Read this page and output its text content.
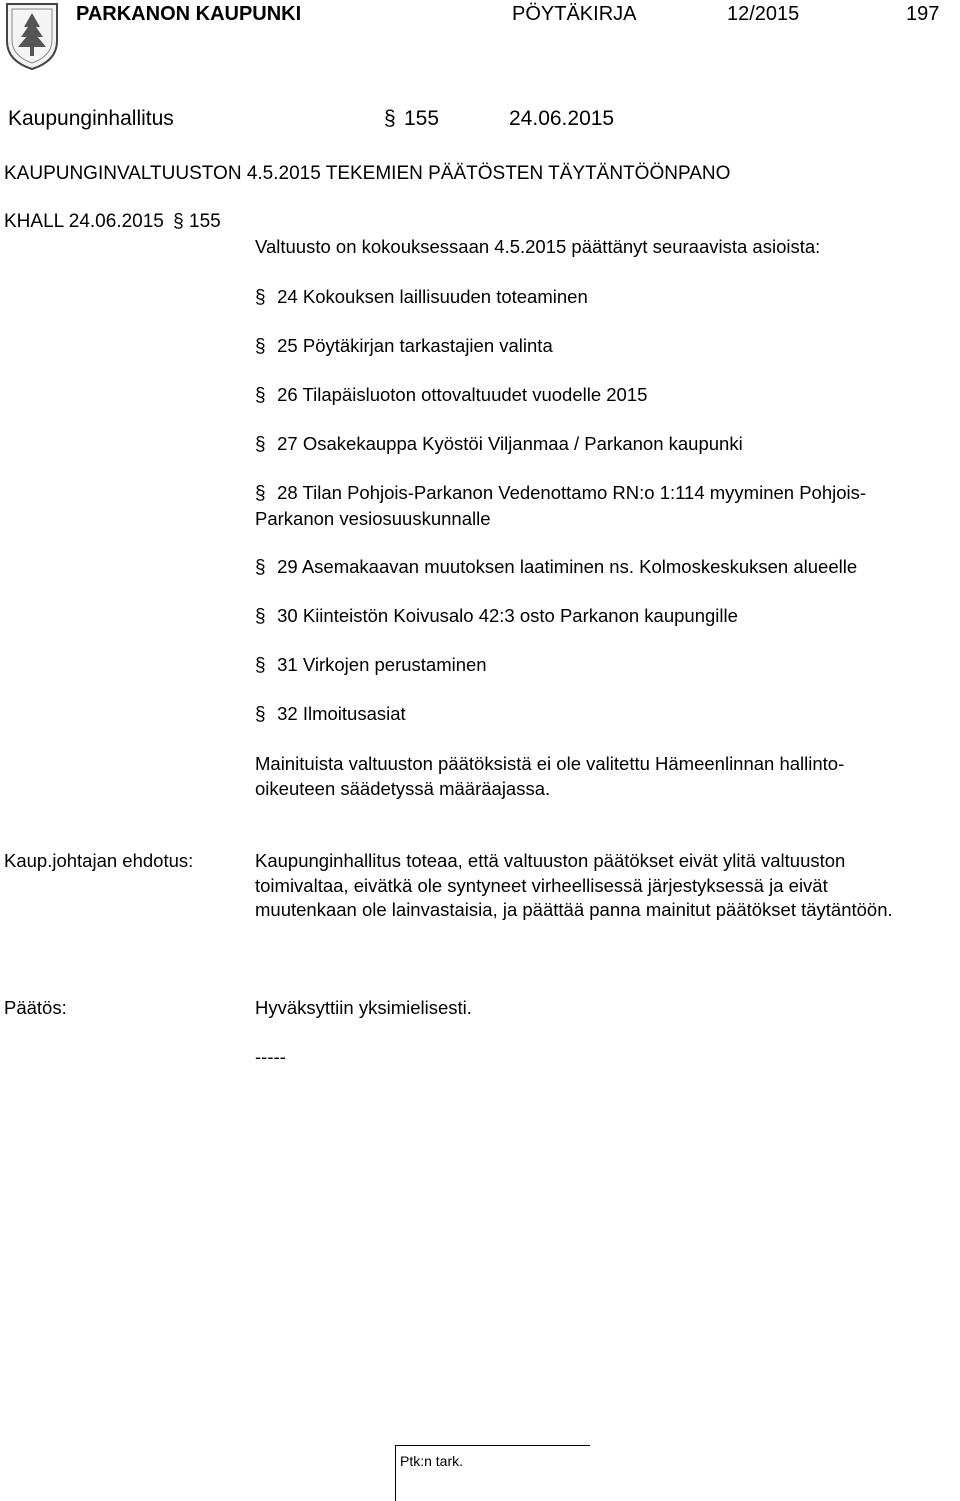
PARKANON KAUPUNKI	PÖYTÄKIRJA	12/2015	197
Kaupunginhallitus	§ 155	24.06.2015
KAUPUNGINVALTUUSTON 4.5.2015 TEKEMIEN PÄÄTÖSTEN TÄYTÄNTÖÖNPANO
KHALL 24.06.2015 § 155
Valtuusto on kokouksessaan 4.5.2015 päättänyt seuraavista asioista:
§ 24 Kokouksen laillisuuden toteaminen
§ 25 Pöytäkirjan tarkastajien valinta
§ 26 Tilapäisluoton ottovaltuudet vuodelle 2015
§ 27 Osakekauppa Kyöstöi Viljanmaa / Parkanon kaupunki
§ 28 Tilan Pohjois-Parkanon Vedenottamo RN:o 1:114 myyminen Pohjois-Parkanon vesiosuuskunnalle
§ 29 Asemakaavan muutoksen laatiminen ns. Kolmoskeskuksen alueelle
§ 30 Kiinteistön Koivusalo 42:3 osto Parkanon kaupungille
§ 31 Virkojen perustaminen
§ 32 Ilmoitusasiat
Mainituista valtuuston päätöksistä ei ole valitettu Hämeenlinnan hallinto-oikeuteen säädetyssä määräajassa.
Kaup.johtajan ehdotus:	Kaupunginhallitus toteaa, että valtuuston päätökset eivät ylitä valtuuston toimivaltaa, eivätkä ole syntyneet virheellisessä järjestyksessä ja eivät muutenkaan ole lainvastaisia, ja päättää panna mainitut päätökset täytäntöön.
Päätös:	Hyväksyttiin yksimielisesti.
-----
Ptk:n tark.
